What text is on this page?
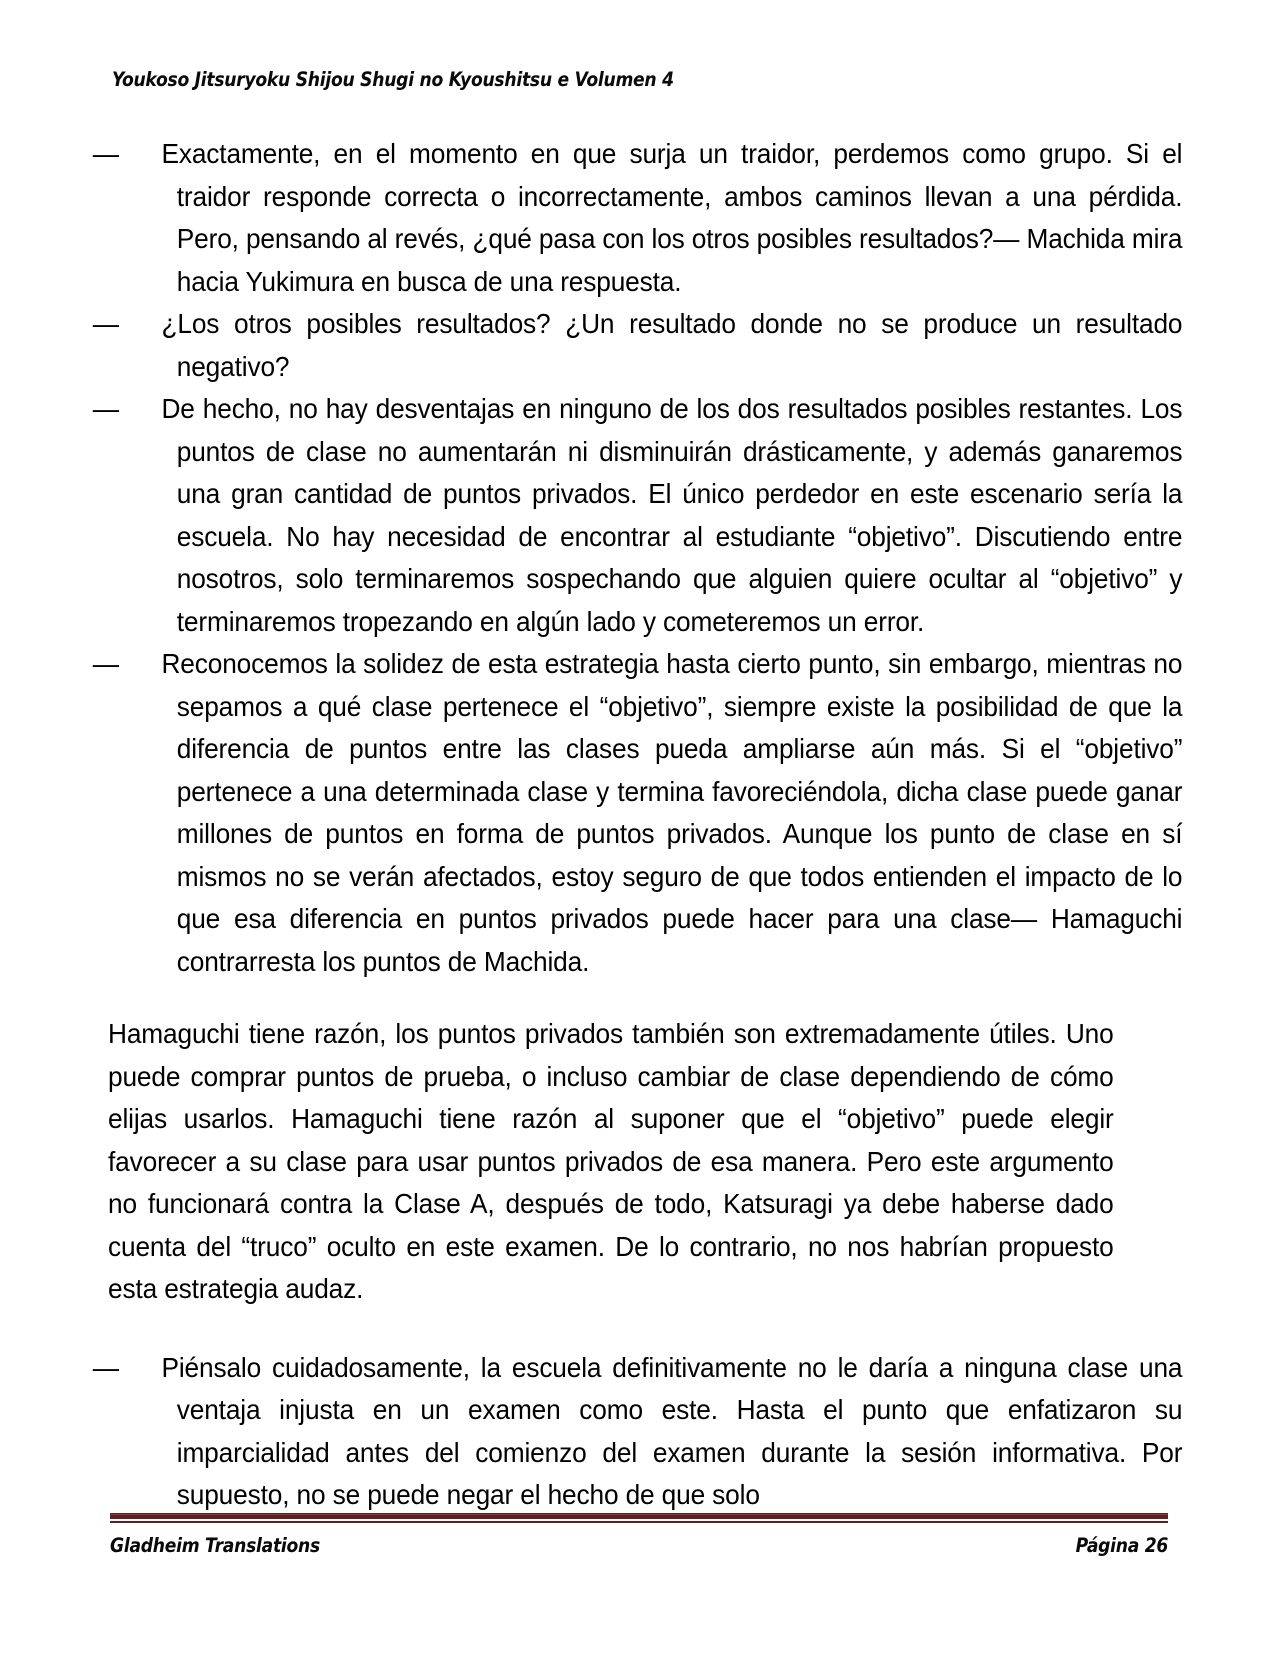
Youkoso Jitsuryoku Shijou Shugi no Kyoushitsu e Volumen 4

— Exactamente, en el momento en que surja un traidor, perdemos como grupo. Si el traidor responde correcta o incorrectamente, ambos caminos llevan a una pérdida. Pero, pensando al revés, ¿qué pasa con los otros posibles resultados?— Machida mira hacia Yukimura en busca de una respuesta.

— ¿Los otros posibles resultados? ¿Un resultado donde no se produce un resultado negativo?

— De hecho, no hay desventajas en ninguno de los dos resultados posibles restantes. Los puntos de clase no aumentarán ni disminuirán drásticamente, y además ganaremos una gran cantidad de puntos privados. El único perdedor en este escenario sería la escuela. No hay necesidad de encontrar al estudiante “objetivo”. Discutiendo entre nosotros, solo terminaremos sospechando que alguien quiere ocultar al “objetivo” y terminaremos tropezando en algún lado y cometeremos un error.

— Reconocemos la solidez de esta estrategia hasta cierto punto, sin embargo, mientras no sepamos a qué clase pertenece el “objetivo”, siempre existe la posibilidad de que la diferencia de puntos entre las clases pueda ampliarse aún más. Si el “objetivo” pertenece a una determinada clase y termina favoreciéndola, dicha clase puede ganar millones de puntos en forma de puntos privados. Aunque los punto de clase en sí mismos no se verán afectados, estoy seguro de que todos entienden el impacto de lo que esa diferencia en puntos privados puede hacer para una clase— Hamaguchi contrarresta los puntos de Machida.

Hamaguchi tiene razón, los puntos privados también son extremadamente útiles. Uno puede comprar puntos de prueba, o incluso cambiar de clase dependiendo de cómo elijas usarlos. Hamaguchi tiene razón al suponer que el “objetivo” puede elegir favorecer a su clase para usar puntos privados de esa manera. Pero este argumento no funcionará contra la Clase A, después de todo, Katsuragi ya debe haberse dado cuenta del “truco” oculto en este examen. De lo contrario, no nos habrían propuesto esta estrategia audaz.

— Piénsalo cuidadosamente, la escuela definitivamente no le daría a ninguna clase una ventaja injusta en un examen como este. Hasta el punto que enfatizaron su imparcialidad antes del comienzo del examen durante la sesión informativa. Por supuesto, no se puede negar el hecho de que solo

Gladheim Translations	Página 26
